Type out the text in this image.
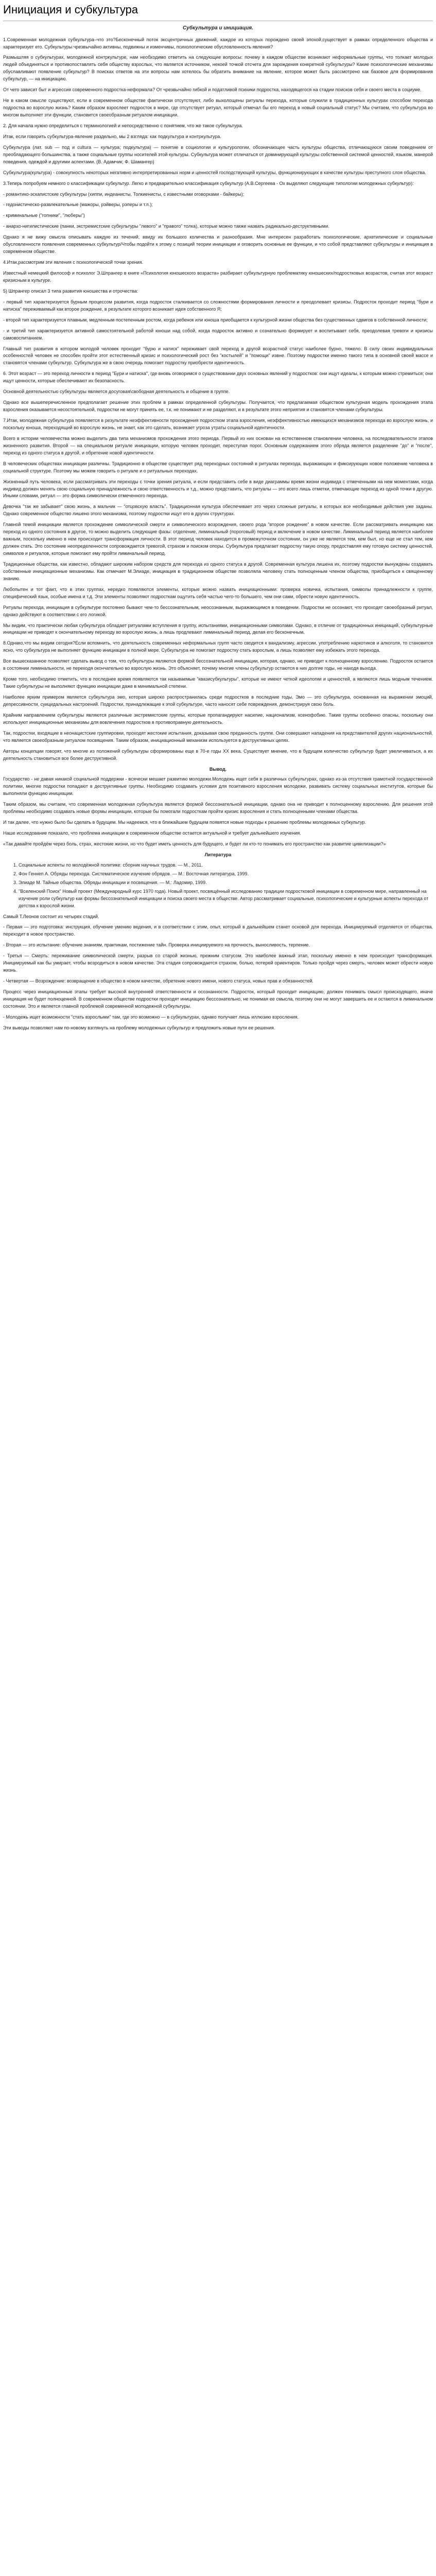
Инициация и субкультура
Субкультура и инициация.

1.Современная молодежная субкультура–что это?Бесконечный поток эксцентричных движений, каждое из которых порождено своей эпохой,существует в рамках определенного общества и характеризует его. Субкультуры чрезвычайно активны, подвижны и изменчивы, психологические обусловленность явления?

Размышляя о субкультурах, молодежной контркультуре, нам необходимо ответить на следующие вопросы: почему в каждом обществе возникают неформальные группы, что толкает молодых людей объединяться и противопоставлять себя обществу взрослых, что является источником, некоей точкой отсчета для зарождения конкретной субкультуры? Какие психологические механизмы обуславливают появление субкультур? В поисках ответов на эти вопросы нам хотелось бы обратить внимание на явление, которое может быть рассмотрено как базовое для формирования субкультур, — на инициацию.

От чего зависит быт и агрессия современного подростка-неформала? От чрезвычайно гибкой и податливой психики подростка, находящегося на стадии поисков себя и своего места в социуме.

Не в каком смысле существуют, если в современном обществе фактически отсутствуют, либо выхолощены ритуалы перехода, которые служили в традиционных культурах способом перехода подростка во взрослую жизнь? Каким образом взрослеет подросток в мире, где отсутствует ритуал, который отмечал бы его переход в новый социальный статус? Мы считаем, что субкультура во многом выполняет эти функции, становится своеобразным ритуалом инициации.

2. Для начала нужно определиться с терминологией и непосредственно с понятием, что же такое субкультура.

Итак, если говорить субкультура-явление раздельно, мы 2 взгляда: как подкультура и контркультура.

Субкультура (лат. sub — под и cultura — культура; подкультура) — понятие в социологии и культурологии, обозначающее часть культуры общества, отличающуюся своим поведением от преобладающего большинства, а также социальные группы носителей этой культуры. Субкультура может отличаться от доминирующей культуры собственной системой ценностей, языком, манерой поведения, одеждой и другими аспектами. (В. Адамчик; Ф. Шамангер)

Субкультура(культура) - совокупность некоторых негативно интерпретированных норм и ценностей господствующей культуры, функционирующих в качестве культуры преступного слоя общества.

3.Теперь попробуем немного о классификации субкультур. Легко и предварительно классификация субкультур (А.В.Сергеева - Ох выделяют следующие типологии молодежных субкультур):

- романтико-эскапистские субкультуры (хиппи, индеанисты, Толкиенисты, с известными оговорками - байкеры);

- гедонистическо-развлекательные (мажоры, рэйверы, рэперы и т.п.);

- криминальные ("гопники", "люберы")

- анархо-нигилистические (панки, экстремистские субкультуры "левого" и "правого" толка), которые можно также назвать радикально-деструктивными.

Однако я не вижу смысла описывать каждую из течений, ввиду их большого количества и разнообразия. Мне интересен разработать психологические, архетипические и социальные обусловленности появления современных субкультур/Чтобы подойти к этому с позиций теории инициации и оговорить основные ее функции, и что собой представляют субкультуры и инициация в современном обществе.

4.Итак,рассмотрим эти явления с психологической точки зрения.

Известный немецкий философ и психолог Э.Шпрангер в книге «Психология юношеского возраста» разбирает субкультурную проблематику юношеских/подростковых возрастов, считая этот возраст кризисным в культуре.

5) Шпрангер описал 3 типа развития юношества и отрочества:

- первый тип характеризуется бурным процессом развития, когда подросток сталкивается со сложностями формирования личности и преодолевает кризисы. Подросток проходит период "бури и натиска" переживаемый как второе рождение, в результате которого возникает идея собственного Я;

- второй тип характеризуется плавным, медленным постепенным ростом, когда ребенок или юноша приобщается к культурной жизни общества без существенных сдвигов в собственной личности;

- и третий тип характеризуется активной самостоятельной работой юноши над собой, когда подросток активно и сознательно формирует и воспитывает себя, преодолевая тревоги и кризисы самовоспитанием.

Главный тип развития в котором молодой человек проходит "бурю и натиск" переживает свой переход в другой возрастной статус наиболее бурно, тяжело. В силу своих индивидуальных особенностей человек не способен пройти этот естественный кризис и психологический рост без "костылей" и "помощи" извне. Поэтому подростки именно такого типа в основной своей массе и становятся членами субкультур. Субкультура же в свою очередь помогает подростку приобрести идентичность.

6. Этот возраст — это переход личности в период "Бури и натиска", где вновь оговоримся о существовании двух основных явлений у подростков: они ищут идеалы, к которым можно стремиться; они ищут ценности, которые обеспечивают их безопасность.

Основной деятельностью субкультуры является досуговая\свободная деятельность и общение в группе.

Однако все вышеперечисленное предполагает решение этих проблем в рамках определенной субкультуры. Получается, что предлагаемая обществом культурная модель прохождения этапа взросления оказывается несостоятельной, подростки не могут принять ее, т.к. не понимают и не разделяют, и в результате этого неприятия и становятся членами субкультуры.

7.Итак, молодежная субкультура появляется в результате неэффективности прохождения подростком этапа взросления, неэффективностью имеющихся механизмов перехода во взрослую жизнь, и поскольку юноша, переходящий во взрослую жизнь, не знает, как это сделать, возникает угроза утраты социальной идентичности.

Всего в истории человечества можно выделить два типа механизмов прохождения этого периода. Первый из них основан на естественном становлении человека, на последовательности этапов жизненного развития. Второй — на специальном ритуале инициации, которую человек проходит, переступая порог. Основным содержанием этого обряда является разделение "до" и "после", переход из одного статуса в другой, и обретение новой идентичности.

В человеческих обществах инициации различны. Традиционно в обществе существует ряд переходных состояний в ритуалах перехода, выражающих и фиксирующих новое положение человека в социальной структуре. Поэтому мы можем говорить о ритуале и о ритуальных переходах.

Жизненный путь человека, если рассматривать эти переходы с точки зрения ритуала, и если представить себе в виде диаграммы время жизни индивида с отмеченными на нем моментами, когда индивид должен менять свою социальную принадлежность и свою ответственность и т.д., можно представить, что ритуалы — это всего лишь отметки, отмечающие переход из одной точки в другую. Иными словами, ритуал — это форма символически отмеченного перехода.

Девочка "так же забывает" свою жизнь, а мальчик — "отцовскую власть". Традиционная культура обеспечивает это через сложные ритуалы, в которых все необходимые действия уже заданы. Однако современное общество лишено этого механизма, поэтому подростки ищут его в других структурах.

Главной темой инициации является прохождение символической смерти и символического возрождения, своего рода "второе рождение" в новом качестве. Если рассматривать инициацию как переход из одного состояния в другое, то можно выделить следующие фазы: отделение, лиминальный (пороговый) период и включение в новом качестве. Лиминальный период является наиболее важным, поскольку именно в нем происходит трансформация личности. В этот период человек находится в промежуточном состоянии, он уже не является тем, кем был, но еще не стал тем, кем должен стать. Это состояние неопределенности сопровождается тревогой, страхом и поиском опоры. Субкультура предлагает подростку такую опору, предоставляя ему готовую систему ценностей, символов и ритуалов, которые помогают ему пройти лиминальный период.

Традиционные общества, как известно, обладают широким набором средств для перехода из одного статуса в другой. Современная культура лишена их, поэтому подростки вынуждены создавать собственные инициационные механизмы. Как отмечает М.Элиаде, инициация в традиционном обществе позволяла человеку стать полноценным членом общества, приобщиться к священному знанию.

Любопытен и тот факт, что в этих группах, нередко появляются элементы, которые можно назвать инициационными: проверка новичка, испытания, символы принадлежности к группе, специфический язык, особые имена и т.д. Эти элементы позволяют подросткам ощутить себя частью чего-то большего, чем они сами, обрести новую идентичность.

Ритуалы перехода, инициация в субкультуре постоянно бывают чем-то бессознательным, неосознанным, выражающимся в поведении. Подростки не осознают, что проходят своеобразный ритуал, однако действуют в соответствии с его логикой.

Мы видим, что практически любая субкультура обладает ритуалами вступления в группу, испытаниями, инициационными символами. Однако, в отличие от традиционных инициаций, субкультурные инициации не приводят к окончательному переходу во взрослую жизнь, а лишь продлевают лиминальный период, делая его бесконечным.

8.Однако,что мы видим сегодня?Если вспомнить, что деятельность современных неформальных групп часто сводится к вандализму, агрессии, употреблению наркотиков и алкоголя, то становится ясно, что субкультура не выполняет функцию инициации в полной мере. Субкультура не помогает подростку стать взрослым, а лишь позволяет ему избежать этого перехода.

Все вышесказанное позволяет сделать вывод о том, что субкультуры являются формой бессознательной инициации, которая, однако, не приводит к полноценному взрослению. Подросток остается в состоянии лиминальности, не переходя окончательно во взрослую жизнь. Это объясняет, почему многие члены субкультур остаются в них долгие годы, не находя выхода.

Кроме того, необходимо отметить, что в последнее время появляются так называемые "квазисубкультуры", которые не имеют четкой идеологии и ценностей, а являются лишь модным течением. Такие субкультуры не выполняют функцию инициации даже в минимальной степени.

Наиболее ярким примером является субкультура эмо, которая широко распространилась среди подростков в последние годы. Эмо — это субкультура, основанная на выражении эмоций, депрессивности, суицидальных настроений. Подростки, принадлежащие к этой субкультуре, часто наносят себе повреждения, демонстрируя свою боль.

Крайним направлением субкультуры являются различные экстремистские группы, которые пропагандируют насилие, национализм, ксенофобию. Такие группы особенно опасны, поскольку они используют инициационные механизмы для вовлечения подростков в противоправную деятельность.

Так, подростки, входящие в неонацистские группировки, проходят жестокие испытания, доказывая свою преданность группе. Они совершают нападения на представителей других национальностей, что является своеобразным ритуалом посвящения. Таким образом, инициационный механизм используется в деструктивных целях.

Авторы концепции говорят, что многие из положений субкультуры сформированы еще в 70-е годы XX века. Существует мнение, что в будущем количество субкультур будет увеличиваться, а их деятельность становиться все более деструктивной.

Вывод.

Государство - не давая никакой социальной поддержки - всячески мешает развитию молодежи.Молодежь ищет себя в различных субкультурах, однако из-за отсутствия грамотной государственной политики, многие подростки попадают в деструктивные группы. Необходимо создавать условия для позитивного взросления молодежи, развивать систему социальных институтов, которые бы выполняли функцию инициации.

Таким образом, мы считаем, что современная молодежная субкультура является формой бессознательной инициации, однако она не приводит к полноценному взрослению. Для решения этой проблемы необходимо создавать новые формы инициации, которые бы помогали подросткам пройти кризис взросления и стать полноценными членами общества.

И так далее, что нужно было бы сделать в будущем. Мы надеемся, что в ближайшем будущем появятся новые подходы к решению проблемы молодежных субкультур.

Наше исследование показало, что проблема инициации в современном обществе остается актуальной и требует дальнейшего изучения.

«Так давайте пройдём через боль, страх, жестокие жизни, но что будет иметь ценность для будущего, и будет ли кто-то понимать его пространство как развитие цивилизации?»

Литература
1. Социальные аспекты по молодёжной политике: сборник научных трудов. — М., 2011.
2. Фон Геннеп А. Обряды перехода. Систематическое изучение обрядов. — М.: Восточная литература, 1999.
3. Элиаде М. Тайные общества. Обряды инициации и посвящения. — М.: Ладомир, 1999.
4. "Вселенский Поиск" Новый проект (Международный курс 1970 года). Новый проект, посвящённый исследованию традиции подростковой инициации в современном мире, направленный на изучение роли субкультур как формы бессознательной инициации и поиска своего места в обществе. Автор рассматривает социальные, психологические и культурные аспекты перехода от детства к взрослой жизни.

Самый Т.Леонов состоит из четырех стадий.

- Первая — это подготовка: инструкция, обучение умению ведения, и в соответствии с этим, опыт, который в дальнейшем станет основой для перехода. Инициируемый отделяется от общества, переходит в новое пространство.

- Вторая — это испытание: обучение знаниям, практикам, постижение тайн. Проверка инициируемого на прочность, выносливость, терпение.

- Третья — Смерть: переживание символической смерти, разрыв со старой жизнью, прежним статусом. Это наиболее важный этап, поскольку именно в нем происходит трансформация. Инициируемый как бы умирает, чтобы возродиться в новом качестве. Эта стадия сопровождается страхом, болью, потерей ориентиров. Только пройдя через смерть, человек может обрести новую жизнь.

- Четвертая — Возрождение: возвращение в общество в новом качестве, обретение нового имени, нового статуса, новых прав и обязанностей.

Процесс через инициационные этапы требует высокой внутренней ответственности и осознанности. Подросток, который проходит инициацию, должен понимать смысл происходящего, иначе инициация не будет полноценной. В современном обществе подростки проходят инициацию бессознательно, не понимая ее смысла, поэтому они не могут завершить ее и остаются в лиминальном состоянии. Это и является главной проблемой современной молодежной субкультуры.

- Молодежь ищет возможности "стать взрослыми" там, где это возможно — в субкультурах, однако получает лишь иллюзию взросления.

Эти выводы позволяют нам по-новому взглянуть на проблему молодежных субкультур и предложить новые пути ее решения.
